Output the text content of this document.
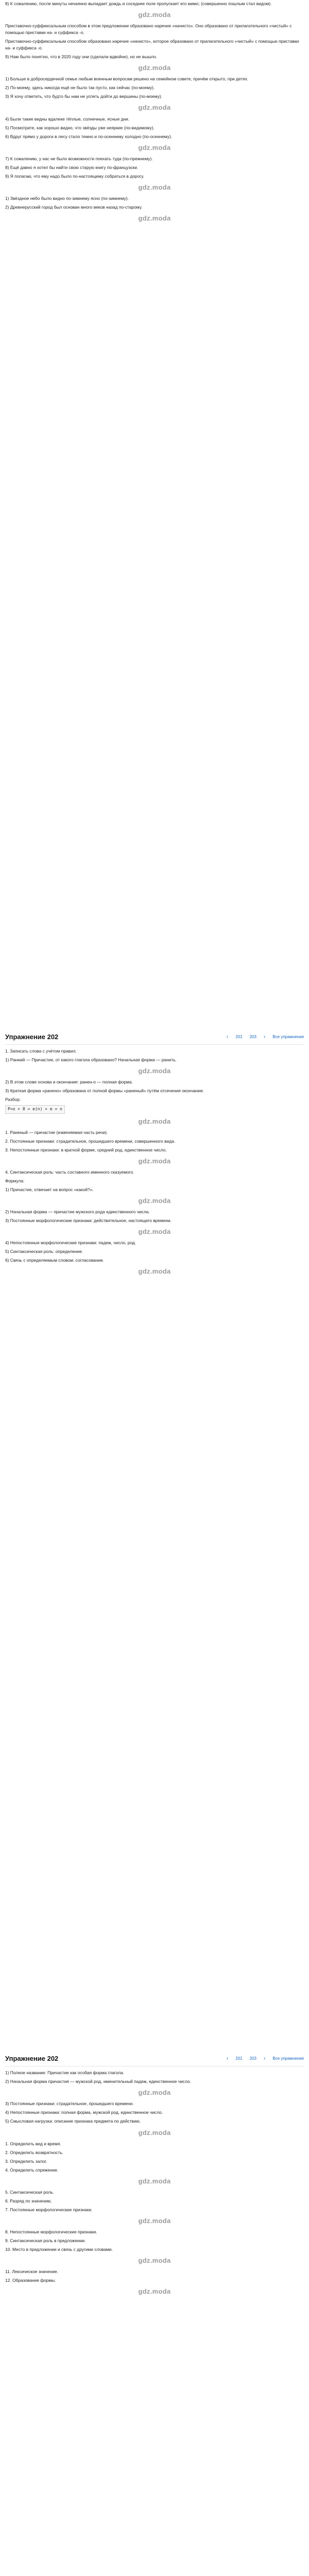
8) К сожалению, после минуты нечаянно выпадает дождь и соседнее поле пропускает его мимо; (совершенно пошлым стал видом).
gdz.moda
Приставочно-суффиксальным способом в этом предложении образовано наречие «начисто». Оно образовано от прилагательного «чистый» с помощью приставки на- и суффикса -о.
Приставочно-суффиксальным способом образовано наречие «начисто», которое образовано от прилагательного «чистый» с помощью приставки на- и суффикса -о.
9) Нам было понятно, что в 2020 году они (сделали вдвойне), но не вышло.
gdz.moda
1) Больше в добросердечной семье любым военным вопросам решено на семейном совете, причём открыто, при детях.
2) По-моему, здесь никогда ещё не было так пусто, как сейчас (по-моему).
3) Я хочу ответить, что будто бы нам не успеть дойти до вершины (по-моему).
gdz.moda
4) Были такие видны вдалеке тёплые, солнечные, ясные дни.
5) Посмотрите, как хорошо видно, что звёзды уже неяркие (по-видимому).
6) Вдруг прямо у дороги в лесу стало темно и по-осеннему холодно (по-осеннему).
gdz.moda
7) К сожалению, у нас не было возможности поехать туда (по-прежнему).
8) Ещё давно я хотел бы найти свою старую книгу по-французски.
9) Я полагаю, что ему надо было по-настоящему собраться в дорогу.
gdz.moda
1) Звёздное небо было видно по-зимнему ясно (по-зимнему).
2) Древнерусский город был основан много веков назад по-старому.
gdz.moda
Упражнение 202	‹ 201 203 › Все упражнения
1. Записать слова с учётом правил.
1) Ранний — Причастие, от какого глагола образовано? Начальная форма — ранить.
gdz.moda
2) В этом слове основа и окончание: ранен-о — полная форма.
3) Краткая форма «ранено» образована от полной формы «раненый» путём отсечения окончания.
Разбор:
P=o + 8 = e(n) + e = n
gdz.moda
1. Раненый — причастие (изменяемая часть речи).
2. Постоянные признаки: страдательное, прошедшего времени, совершенного вида.
3. Непостоянные признаки: в краткой форме, средний род, единственное число.
gdz.moda
4. Синтаксическая роль: часть составного именного сказуемого.
Формула:
1) Причастие, отвечает на вопрос «какой?».
gdz.moda
2) Начальная форма — причастие мужского рода единственного числа.
3) Постоянные морфологические признаки: действительное, настоящего времени.
gdz.moda
4) Непостоянные морфологические признаки: падеж, число, род.
5) Синтаксическая роль: определение.
6) Связь с определяемым словом: согласование.
gdz.moda
Упражнение 202	‹ 201 203 › Все упражнения
1) Полное название: Причастие как особая форма глагола.
2) Начальная форма причастия — мужской род, именительный падеж, единственное число.
gdz.moda
3) Постоянные признаки: страдательное, прошедшего времени.
4) Непостоянные признаки: полная форма, мужской род, единственное число.
5) Смысловая нагрузка: описание признака предмета по действию.
gdz.moda
1. Определить вид и время.
2. Определить возвратность.
3. Определить залог.
4. Определить спряжение.
gdz.moda
5. Синтаксическая роль.
6. Разряд по значению.
7. Постоянные морфологические признаки.
gdz.moda
8. Непостоянные морфологические признаки.
9. Синтаксическая роль в предложении.
10. Место в предложении и связь с другими словами.
gdz.moda
11. Лексическое значение.
12. Образование формы.
gdz.moda
